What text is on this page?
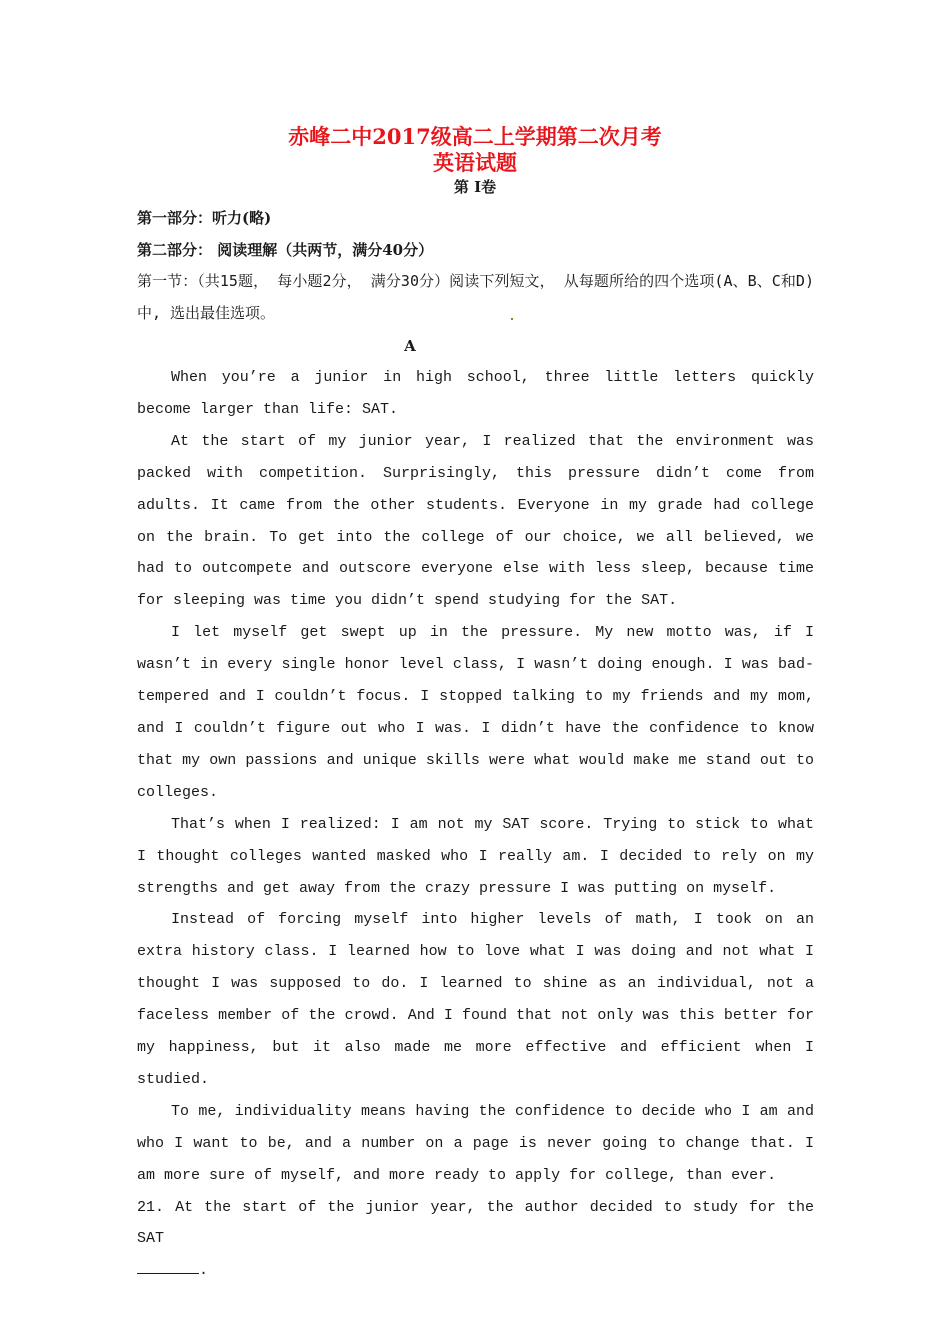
赤峰二中2017级高二上学期第二次月考
英语试题
第 I卷
第一部分：听力(略)
第二部分： 阅读理解（共两节，满分40分）
第一节：（共15题， 每小题2分， 满分30分）阅读下列短文， 从每题所给的四个选项(A、B、C和D) 中, 选出最佳选项。
A

When you’re a junior in high school, three little letters quickly become larger than life: SAT.

At the start of my junior year, I realized that the environment was packed with competition. Surprisingly, this pressure didn’t come from adults. It came from the other students. Everyone in my grade had college on the brain. To get into the college of our choice, we all believed, we had to outcompete and outscore everyone else with less sleep, because time for sleeping was time you didn’t spend studying for the SAT.

I let myself get swept up in the pressure. My new motto was, if I wasn’t in every single honor level class, I wasn’t doing enough. I was bad-tempered and I couldn’t focus. I stopped talking to my friends and my mom, and I couldn’t figure out who I was. I didn’t have the confidence to know that my own passions and unique skills were what would make me stand out to colleges.

That’s when I realized: I am not my SAT score. Trying to stick to what I thought colleges wanted masked who I really am. I decided to rely on my strengths and get away from the crazy pressure I was putting on myself.

Instead of forcing myself into higher levels of math, I took on an extra history class. I learned how to love what I was doing and not what I thought I was supposed to do. I learned to shine as an individual, not a faceless member of the crowd. And I found that not only was this better for my happiness, but it also made me more effective and efficient when I studied.

To me, individuality means having the confidence to decide who I am and who I want to be, and a number on a page is never going to change that. I am more sure of myself, and more ready to apply for college, than ever.

21. At the start of the junior year, the author decided to study for the SAT
.
